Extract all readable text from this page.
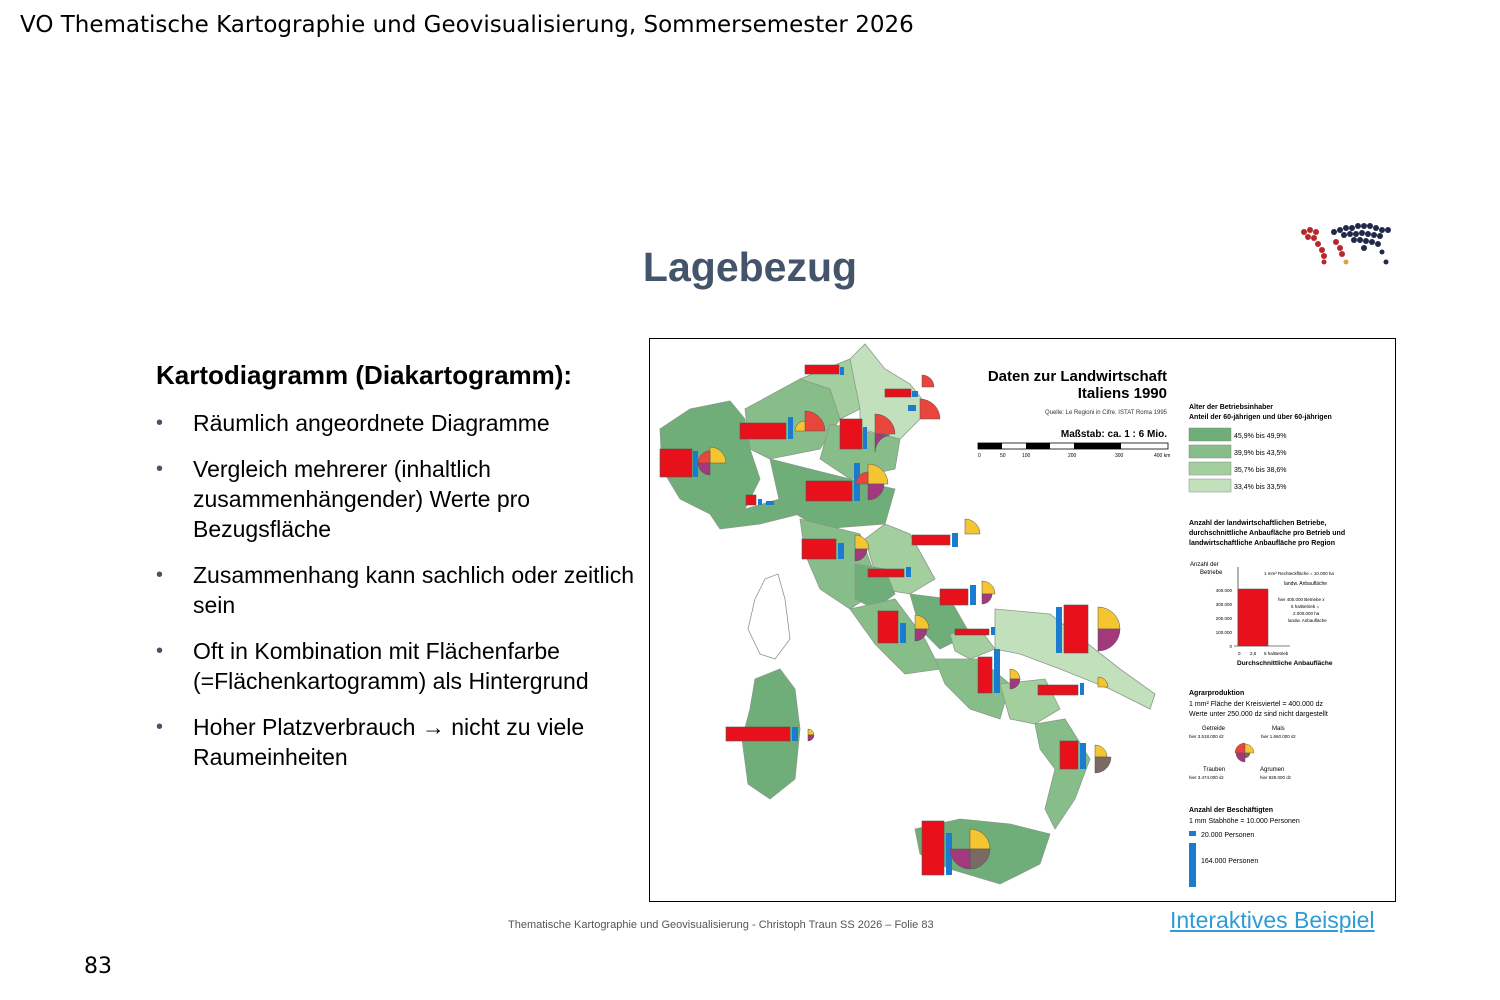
VO Thematische Kartographie und Geovisualisierung, Sommersemester 2026
Lagebezug
Kartodiagramm (Diakartogramm):
• Räumlich angeordnete Diagramme
• Vergleich mehrerer (inhaltlich zusammenhängender) Werte pro Bezugsfläche
• Zusammenhang kann sachlich oder zeitlich sein
• Oft in Kombination mit Flächenfarbe (=Flächenkartogramm) als Hintergrund
• Hoher Platzverbrauch → nicht zu viele Raumeinheiten
Daten zur Landwirtschaft
Italiens 1990
Quelle: Le Regioni in Cifre. ISTAT Roma 1995
Maßstab: ca. 1 : 6 Mio.
0	50	100	200	300	400 km
Alter der Betriebsinhaber
Anteil der 60-jährigen und über 60-jährigen
45,9% bis 49,9%
39,9% bis 43,5%
35,7% bis 38,6%
33,4% bis 33,5%
Anzahl der landwirtschaftlichen Betriebe,
durchschnittliche Anbaufläche pro Betrieb und
landwirtschaftliche Anbaufläche pro Region
Anzahl der
Betriebe
400.000
300.000
200.000
100.000
0
0 2,5 5 ha/Betrieb
Durchschnittliche Anbaufläche
1 mm² Rechteckfläche = 10.000 ha
landw. Anbaufläche
hier 400.000 Betriebe x
5 ha/Betrieb =
2.000.000 ha
landw. Anbaufläche
Agrarproduktion
1 mm² Fläche der Kreisviertel = 400.000 dz
Werte unter 250.000 dz sind nicht dargestellt
Getreide
hier 3.518.000 dz
Mais
hier 1.660.000 dz
Trauben
hier 3.474.000 dz
Agrumen
hier 829.000 dz
Anzahl der Beschäftigten
1 mm Stabhöhe = 10.000 Personen
20.000 Personen
164.000 Personen
Thematische Kartographie und Geovisualisierung - Christoph Traun SS 2026 – Folie 83	Interaktives Beispiel
83
